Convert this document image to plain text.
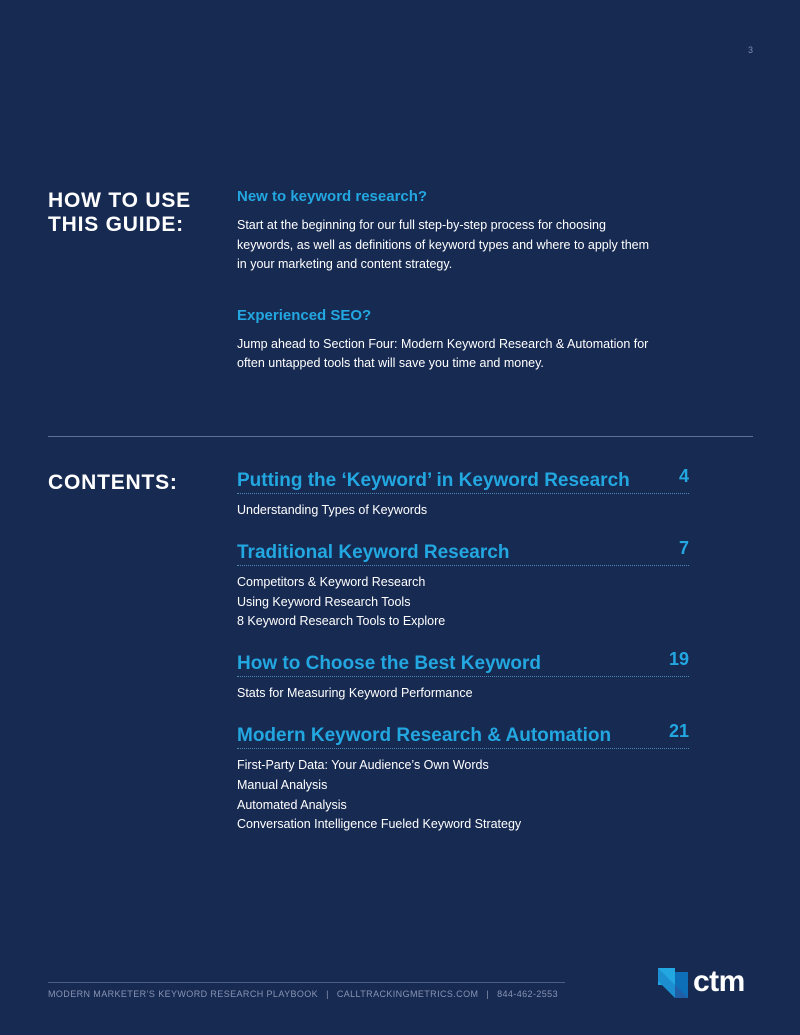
3
HOW TO USE
THIS GUIDE:

New to keyword research?

Start at the beginning for our full step-by-step process for choosing keywords, as well as definitions of keyword types and where to apply them in your marketing and content strategy.

Experienced SEO?

Jump ahead to Section Four: Modern Keyword Research & Automation for often untapped tools that will save you time and money.

CONTENTS:	Putting the ‘Keyword’ in Keyword Research	4
Understanding Types of Keywords
Traditional Keyword Research	7
Competitors & Keyword Research
Using Keyword Research Tools
8 Keyword Research Tools to Explore
How to Choose the Best Keyword	19
Stats for Measuring Keyword Performance
Modern Keyword Research & Automation	21
First-Party Data: Your Audience’s Own Words
Manual Analysis
Automated Analysis
Conversation Intelligence Fueled Keyword Strategy
MODERN MARKETER’S KEYWORD RESEARCH PLAYBOOK | CALLTRACKINGMETRICS.COM | 844-462-2553	ctm
